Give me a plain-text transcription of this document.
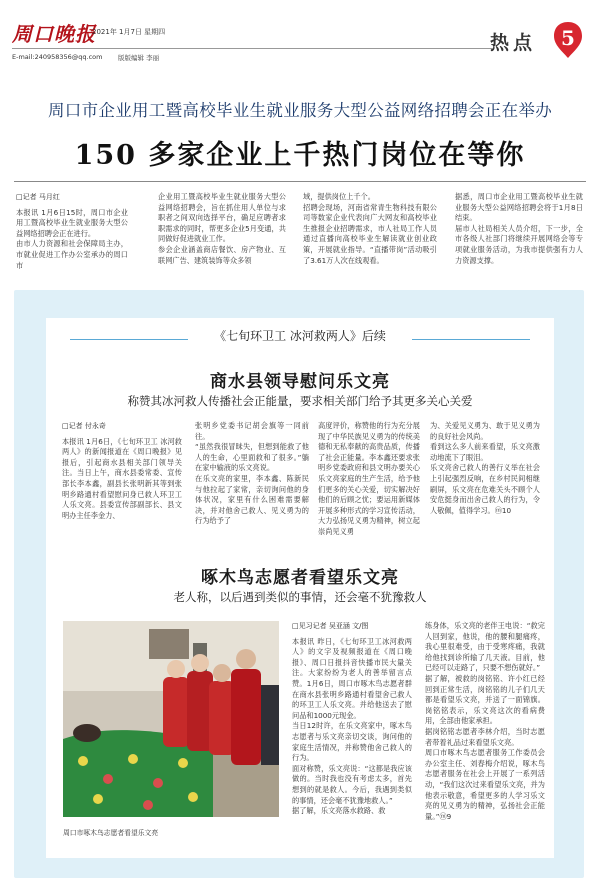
周口晚报
2021年 1月7日 星期四
E-mail:240958356@qq.com 版版编辑 李丽
热点	5
周口市企业用工暨高校毕业生就业服务大型公益网络招聘会正在举办
150 多家企业上千热门岗位在等你
□记者 马月红
本报讯 1月6日15时，周口市企业用工暨高校毕业生就业服务大型公益网络招聘会正在进行。
由市人力资源和社会保障局主办，市就业促进工作办公室承办的周口市
企业用工暨高校毕业生就业服务大型公益网络招聘会，旨在抓住用人单位与求职者之间双向选择平台，确足应聘者求职需求的同时，帮更多企业5月变通，共同做好促进就业工作。
参会企业涵盖商店餐饮、房产物业、互联网广告、建筑装饰等众多领
域，提供岗位上千个。
招聘会现场，河南省常青生物科技有限公司等数家企业代表向广大网友和高校毕业生推报企业招聘需求，市人社局工作人员通过直播向高校毕业生解读就业创业政策，开展就业指导。“直播带岗”活动吸引了3.61万人次在线观看。
据悉，周口市企业用工暨高校毕业生就业服务大型公益网络招聘会将于1月8日结束。
届市人社局相关人员介绍，下一步，全市各级人社部门将继续开展网络会等专项就业服务活动，为我市提供强有力人力资源支撑。
《七旬环卫工 冰河救两人》后续
商水县领导慰问乐文亮
称赞其冰河救人传播社会正能量，要求相关部门给予其更多关心关爱
□记者 付永奇
本报讯 1月6日，《七旬环卫工 冰河救两人》的新闻报道在《周口晚报》见报后，引起商水县相关部门领导关注。当日上午，商水县委常委、宣传部长李本鑫，副县长张明新其等到张明乡路通村看望慰问身已救人环卫工人乐文亮。县委宣传部副部长、县文明办主任李金力、
张明乡党委书记胡会旗等一同前往。
“虽然我很冒昧失，但想到能救了他人的生命，心里面救和了很多。”躺在家中输液的乐文亮说。
在乐文亮的家里，李本鑫、陈新民与他拉起了家常，亲切询问他的身体状况，家里有什么困难需要解决，并对他舍己救人、见义勇为的行为给予了
高度评价，称赞他的行为充分展现了中华民族见义勇为的传统美德和无私奉献的高贵品质，传播了社会正能量。李本鑫还要求张明乡党委政府和县文明办要关心乐文亮家庭的生产生活，给予他们更多的关心关爱，切实解决好他们的后顾之忧；要运用新媒体开展多种形式的学习宣传活动，大力弘扬见义勇为精神，树立起崇尚见义勇
为、关爱见义勇为、敢于见义勇为的良好社会风尚。
看到这么多人前来看望，乐文亮激动地流下了眼泪。
乐文亮舍己救人的善行义举在社会上引起强烈反响，在乡村民间相继刷屏，乐文亮在危难关头不顾个人安危挺身而出舍己救人的行为，令人敬佩，值得学习。ⓜ10
啄木鸟志愿者看望乐文亮
老人称，以后遇到类似的事情，还会毫不犹豫救人
周口市啄木鸟志愿者看望乐文亮
□见习记者 吴亚涵 文/图
本报讯 昨日，《七旬环卫工冰河救两人》的文字及视频报道在《周口晚报》、周口日报抖音快播市民大量关注。大家纷纷为老人的善举留言点赞。1月6日，周口市啄木鸟志愿者群在商水县张明乡路通村看望舍己救人的环卫工人乐文亮。并给他送去了慰问品和1000元现金。
当日12时许，在乐文亮家中，啄木鸟志愿者与乐文亮亲切交谈，询问他的家庭生活情况，并称赞他舍己救人的行为。
面对称赞，乐文亮说：“这都是我应该做的。当时我也没有考虑太多，首先想到的就是救人。今后，我遇到类似的事情，还会毫不犹豫地救人。”
据了解，乐文亮落水救路、救
练身体，乐文亮的老伴王电说：“救完人回到家，他说，他的腰和腿痛疼，我心里很难受，由于受寒疼痛，我就给他找到诊所输了几天液。目前，他已经可以走路了，只要不想伤就好。”
据了解，被救的岗铭铭、许小红已经回到正常生活，岗铭铭的儿子们几天都是看望乐文亮，并送了一面锦旗。岗铭铭表示，乐文亮这次的看病费用，全部由他家承担。
据岗铭铭志愿者李林介绍，当时志愿者带着礼品过来看望乐文亮。
周口市啄木鸟志愿者服务工作委员会办公室主任、刘春梅介绍说，啄木鸟志愿者服务在社会上开展了一系列活动，“我们这次过来看望乐文亮，并为他表示敬意，希望更多的人学习乐文亮的见义勇为的精神，弘扬社会正能量。”ⓜ9
